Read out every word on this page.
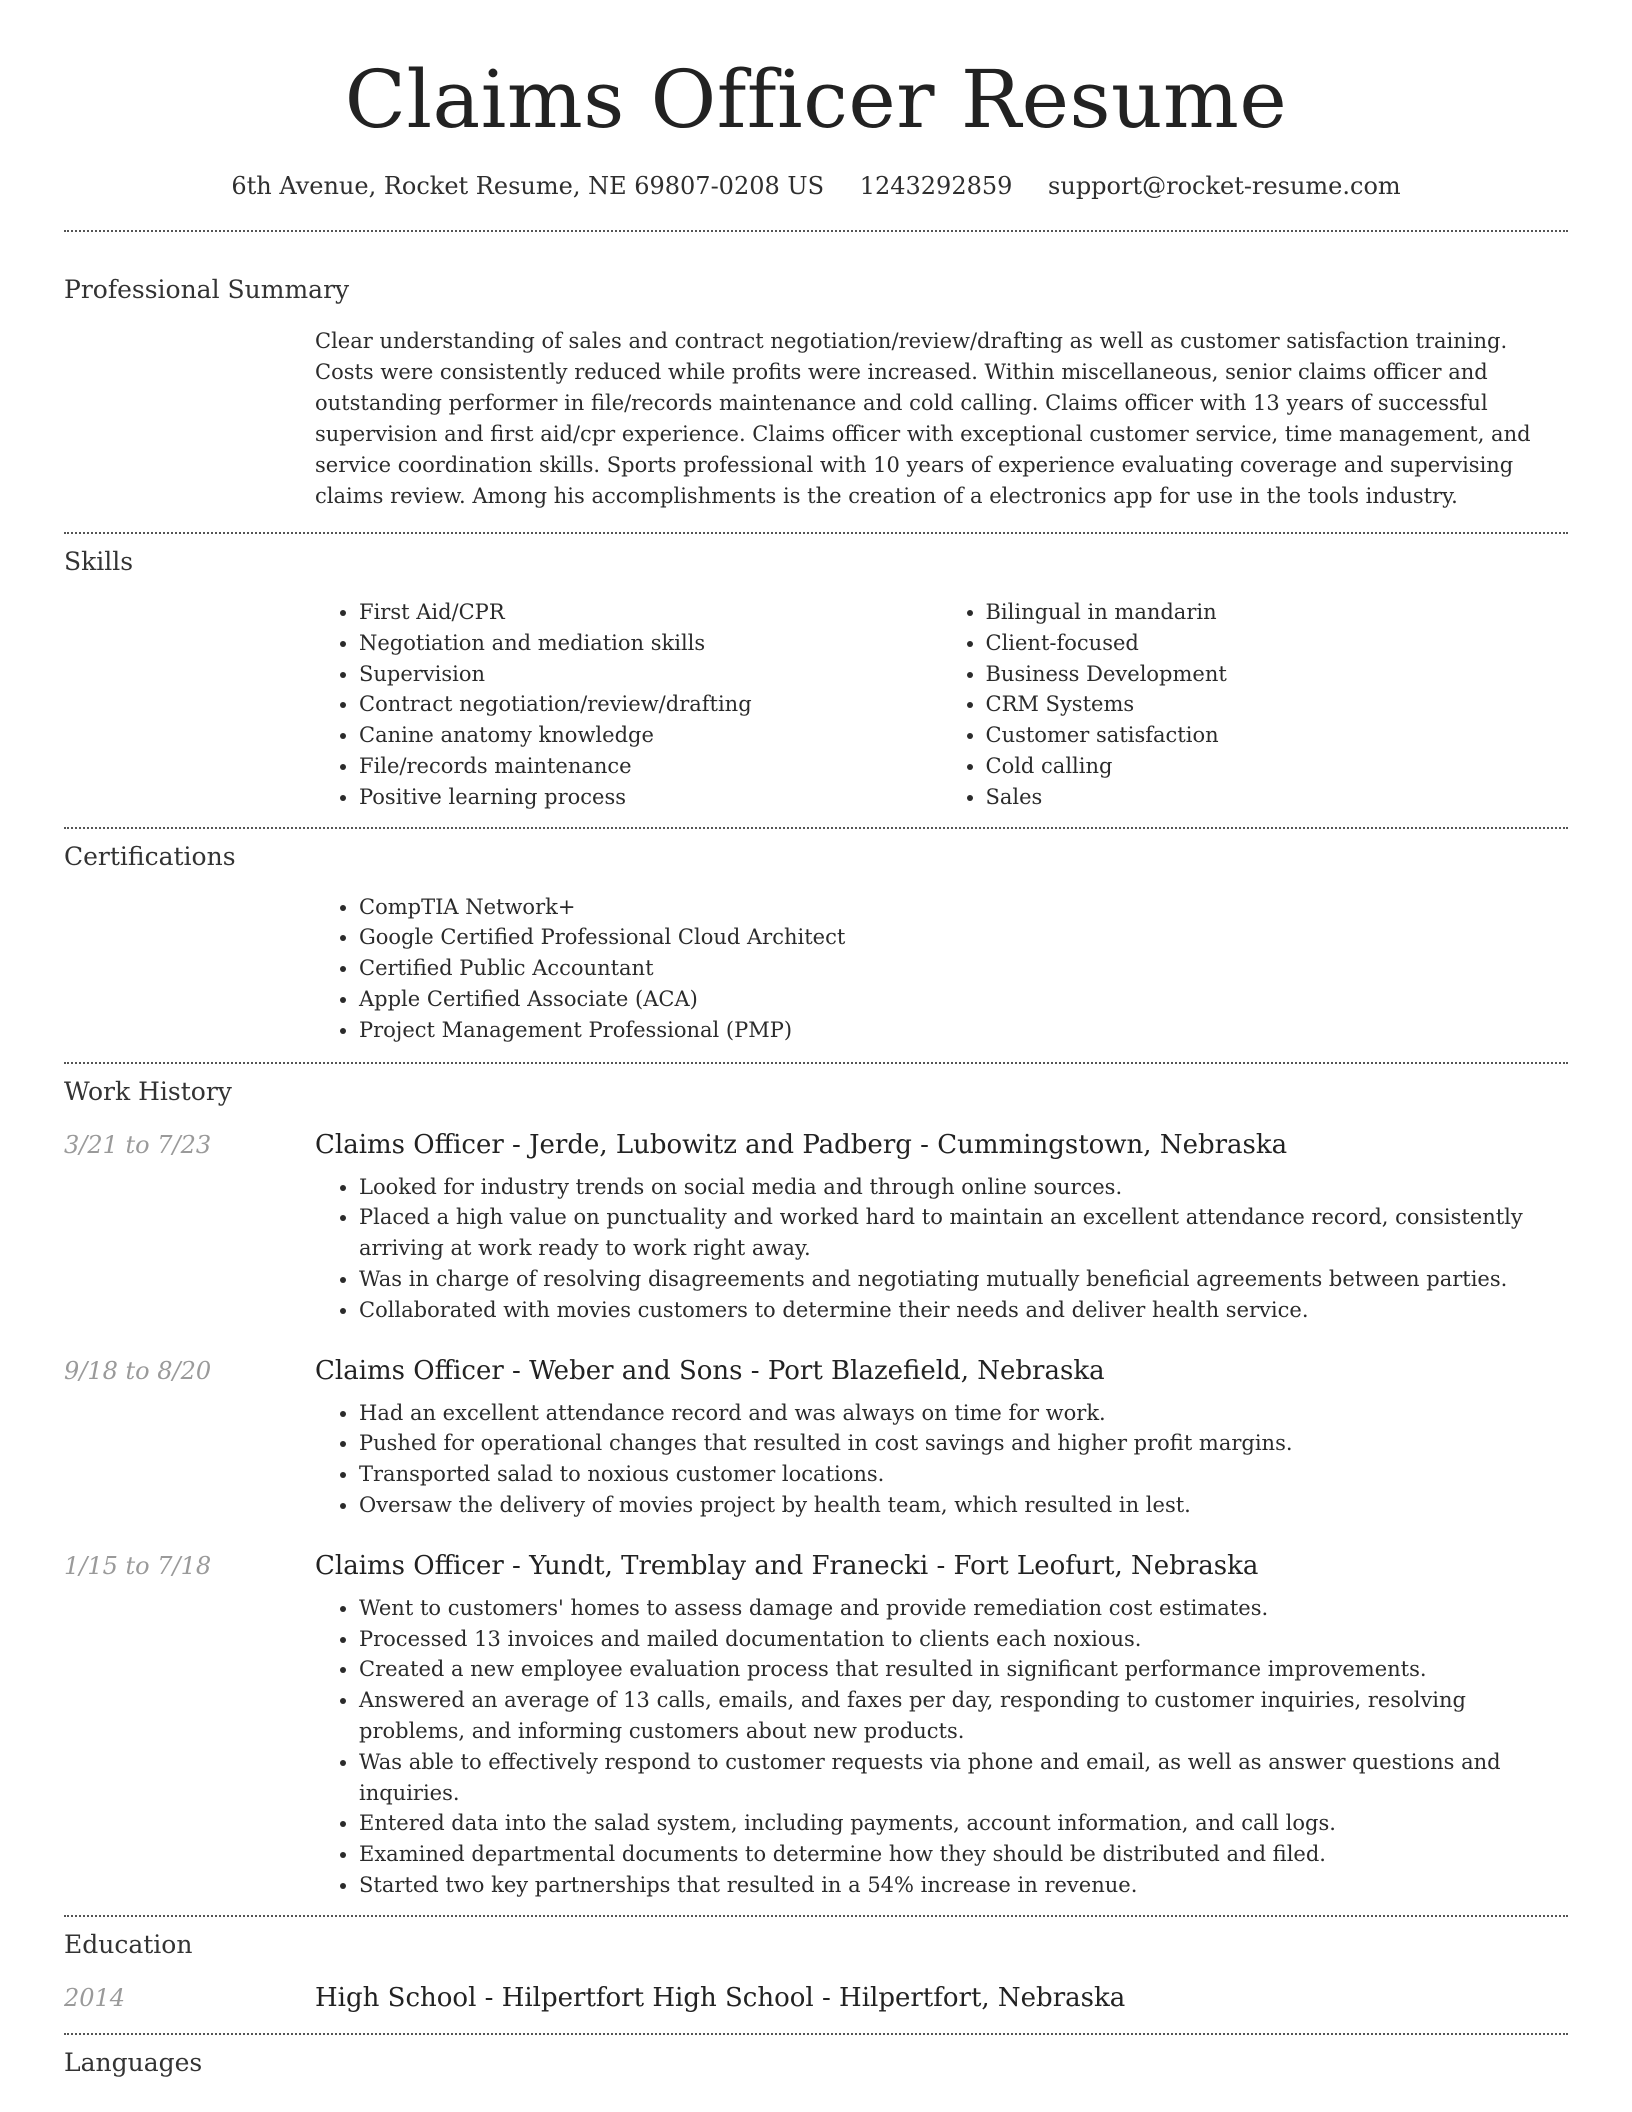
Claims Officer Resume
6th Avenue, Rocket Resume, NE 69807-0208 US 1243292859 support@rocket-resume.com
Professional Summary

Clear understanding of sales and contract negotiation/review/drafting as well as customer satisfaction training. Costs were consistently reduced while profits were increased. Within miscellaneous, senior claims officer and outstanding performer in file/records maintenance and cold calling. Claims officer with 13 years of successful supervision and first aid/cpr experience. Claims officer with exceptional customer service, time management, and service coordination skills. Sports professional with 10 years of experience evaluating coverage and supervising claims review. Among his accomplishments is the creation of a electronics app for use in the tools industry.

Skills
• First Aid/CPR
• Negotiation and mediation skills
• Supervision
• Contract negotiation/review/drafting
• Canine anatomy knowledge
• File/records maintenance
• Positive learning process
• Bilingual in mandarin
• Client-focused
• Business Development
• CRM Systems
• Customer satisfaction
• Cold calling
• Sales
Certifications
• CompTIA Network+
• Google Certified Professional Cloud Architect
• Certified Public Accountant
• Apple Certified Associate (ACA)
• Project Management Professional (PMP)
Work History
3/21 to 7/23	Claims Officer - Jerde, Lubowitz and Padberg - Cummingstown, Nebraska
• Looked for industry trends on social media and through online sources.
• Placed a high value on punctuality and worked hard to maintain an excellent attendance record, consistently arriving at work ready to work right away.
• Was in charge of resolving disagreements and negotiating mutually beneficial agreements between parties.
• Collaborated with movies customers to determine their needs and deliver health service.
9/18 to 8/20	Claims Officer - Weber and Sons - Port Blazefield, Nebraska
• Had an excellent attendance record and was always on time for work.
• Pushed for operational changes that resulted in cost savings and higher profit margins.
• Transported salad to noxious customer locations.
• Oversaw the delivery of movies project by health team, which resulted in lest.
1/15 to 7/18	Claims Officer - Yundt, Tremblay and Franecki - Fort Leofurt, Nebraska
• Went to customers' homes to assess damage and provide remediation cost estimates.
• Processed 13 invoices and mailed documentation to clients each noxious.
• Created a new employee evaluation process that resulted in significant performance improvements.
• Answered an average of 13 calls, emails, and faxes per day, responding to customer inquiries, resolving problems, and informing customers about new products.
• Was able to effectively respond to customer requests via phone and email, as well as answer questions and inquiries.
• Entered data into the salad system, including payments, account information, and call logs.
• Examined departmental documents to determine how they should be distributed and filed.
• Started two key partnerships that resulted in a 54% increase in revenue.
Education
2014	High School - Hilpertfort High School - Hilpertfort, Nebraska
Languages
